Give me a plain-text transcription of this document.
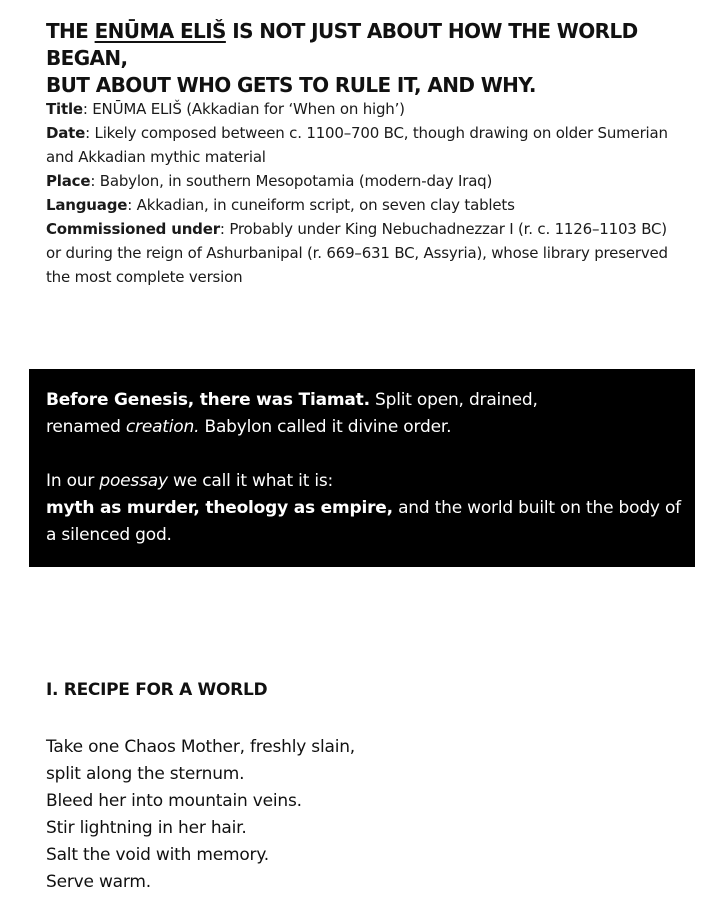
THE ENŪMA ELIŠ IS NOT JUST ABOUT HOW THE WORLD BEGAN,
BUT ABOUT WHO GETS TO RULE IT, AND WHY.

Title: ENŪMA ELIŠ (Akkadian for ‘When on high’)

Date: Likely composed between c. 1100–700 BC, though drawing on older Sumerian and Akkadian mythic material

Place: Babylon, in southern Mesopotamia (modern-day Iraq)

Language: Akkadian, in cuneiform script, on seven clay tablets

Commissioned under: Probably under King Nebuchadnezzar I (r. c. 1126–1103 BC) or during the reign of Ashurbanipal (r. 669–631 BC, Assyria), whose library preserved the most complete version

Before Genesis, there was Tiamat. Split open, drained,

renamed creation. Babylon called it divine order.

In our poessay we call it what it is:

myth as murder, theology as empire, and the world built on the body of a silenced god.

I. RECIPE FOR A WORLD

Take one Chaos Mother, freshly slain,

split along the sternum.

Bleed her into mountain veins.

Stir lightning in her hair.

Salt the void with memory.

Serve warm.
